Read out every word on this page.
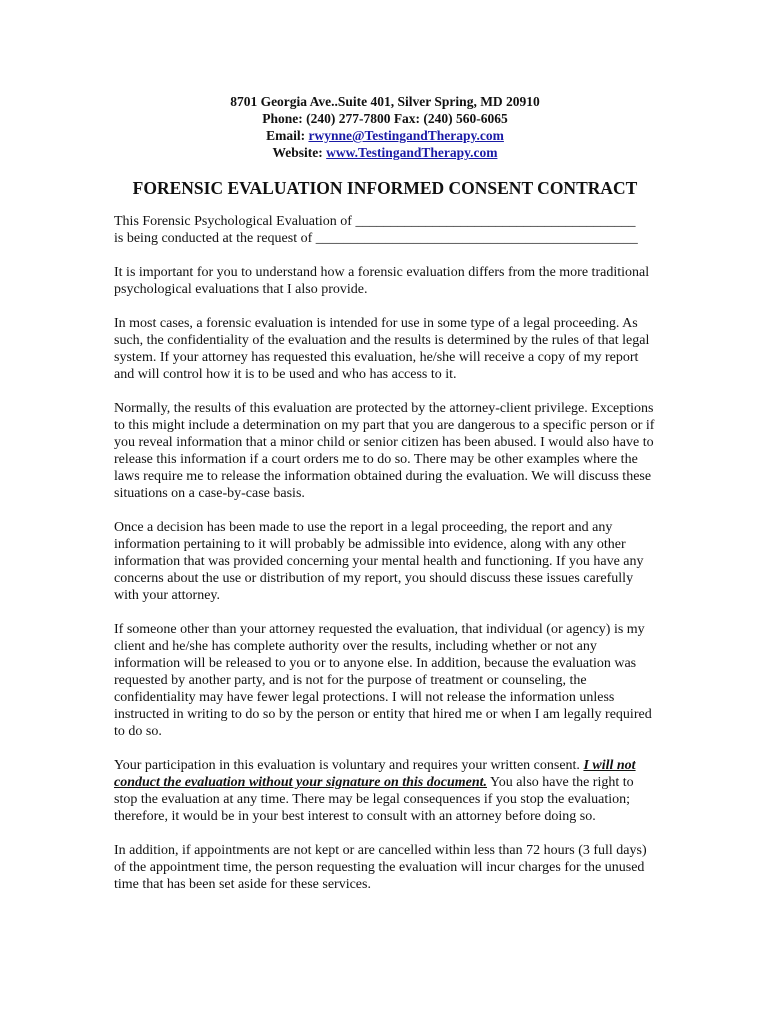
8701 Georgia Ave..Suite 401, Silver Spring, MD 20910
Phone: (240) 277-7800 Fax: (240) 560-6065
Email: rwynne@TestingandTherapy.com
Website: www.TestingandTherapy.com
FORENSIC EVALUATION INFORMED CONSENT CONTRACT

This Forensic Psychological Evaluation of ________________________________________
is being conducted at the request of ______________________________________________

It is important for you to understand how a forensic evaluation differs from the more traditional psychological evaluations that I also provide.

In most cases, a forensic evaluation is intended for use in some type of a legal proceeding. As such, the confidentiality of the evaluation and the results is determined by the rules of that legal system. If your attorney has requested this evaluation, he/she will receive a copy of my report and will control how it is to be used and who has access to it.

Normally, the results of this evaluation are protected by the attorney-client privilege. Exceptions to this might include a determination on my part that you are dangerous to a specific person or if you reveal information that a minor child or senior citizen has been abused. I would also have to release this information if a court orders me to do so. There may be other examples where the laws require me to release the information obtained during the evaluation. We will discuss these situations on a case-by-case basis.

Once a decision has been made to use the report in a legal proceeding, the report and any information pertaining to it will probably be admissible into evidence, along with any other information that was provided concerning your mental health and functioning. If you have any concerns about the use or distribution of my report, you should discuss these issues carefully with your attorney.

If someone other than your attorney requested the evaluation, that individual (or agency) is my client and he/she has complete authority over the results, including whether or not any information will be released to you or to anyone else. In addition, because the evaluation was requested by another party, and is not for the purpose of treatment or counseling, the confidentiality may have fewer legal protections. I will not release the information unless instructed in writing to do so by the person or entity that hired me or when I am legally required to do so.

Your participation in this evaluation is voluntary and requires your written consent. I will not conduct the evaluation without your signature on this document. You also have the right to stop the evaluation at any time. There may be legal consequences if you stop the evaluation; therefore, it would be in your best interest to consult with an attorney before doing so.

In addition, if appointments are not kept or are cancelled within less than 72 hours (3 full days) of the appointment time, the person requesting the evaluation will incur charges for the unused time that has been set aside for these services.
